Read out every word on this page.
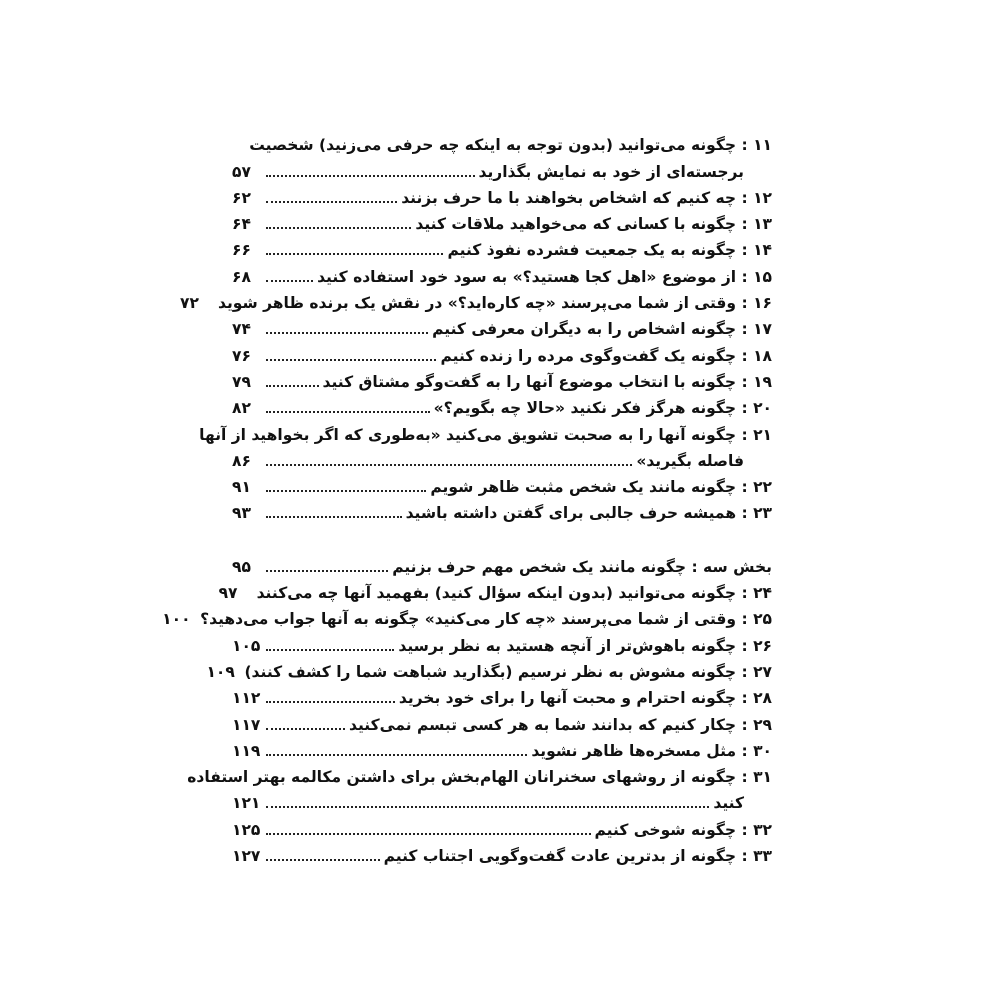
۱۱ : چگونه می‌توانید (بدون توجه به اینکه چه حرفی می‌زنید) شخصیت
برجسته‌ای از خود به نمایش بگذارید
۵۷
۱۲ : چه کنیم که اشخاص بخواهند با ما حرف بزنند
۶۲
۱۳ : چگونه با کسانی که می‌خواهید ملاقات کنید
۶۴
۱۴ : چگونه به یک جمعیت فشرده نفوذ کنیم
۶۶
۱۵ : از موضوع «اهل کجا هستید؟» به سود خود استفاده کنید
۶۸
۱۶ : وقتی از شما می‌پرسند «چه کاره‌اید؟» در نقش یک برنده ظاهر شوید
۷۲
۱۷ : چگونه اشخاص را به دیگران معرفی کنیم
۷۴
۱۸ : چگونه یک گفت‌وگوی مرده را زنده کنیم
۷۶
۱۹ : چگونه با انتخاب موضوع آنها را به گفت‌وگو مشتاق کنید
۷۹
۲۰ : چگونه هرگز فکر نکنید «حالا چه بگویم؟»
۸۲
۲۱ : چگونه آنها را به صحبت تشویق می‌کنید «به‌طوری که اگر بخواهید از آنها
فاصله بگیرید»
۸۶
۲۲ : چگونه مانند یک شخص مثبت ظاهر شویم
۹۱
۲۳ : همیشه حرف جالبی برای گفتن داشته باشید
۹۳
بخش سه : چگونه مانند یک شخص مهم حرف بزنیم
۹۵
۲۴ : چگونه می‌توانید (بدون اینکه سؤال کنید) بفهمید آنها چه می‌کنند
۹۷
۲۵ : وقتی از شما می‌پرسند «چه کار می‌کنید» چگونه به آنها جواب می‌دهید؟
۱۰۰
۲۶ : چگونه باهوش‌تر از آنچه هستید به نظر برسید
۱۰۵
۲۷ : چگونه مشوش به نظر نرسیم (بگذارید شباهت شما را کشف کنند)
۱۰۹
۲۸ : چگونه احترام و محبت آنها را برای خود بخرید
۱۱۲
۲۹ : چکار کنیم که بدانند شما به هر کسی تبسم نمی‌کنید
۱۱۷
۳۰ : مثل مسخره‌ها ظاهر نشوید
۱۱۹
۳۱ : چگونه از روشهای سخنرانان الهام‌بخش برای داشتن مکالمه بهتر استفاده
کنید
۱۲۱
۳۲ : چگونه شوخی کنیم
۱۲۵
۳۳ : چگونه از بدترین عادت گفت‌وگویی اجتناب کنیم
۱۲۷
